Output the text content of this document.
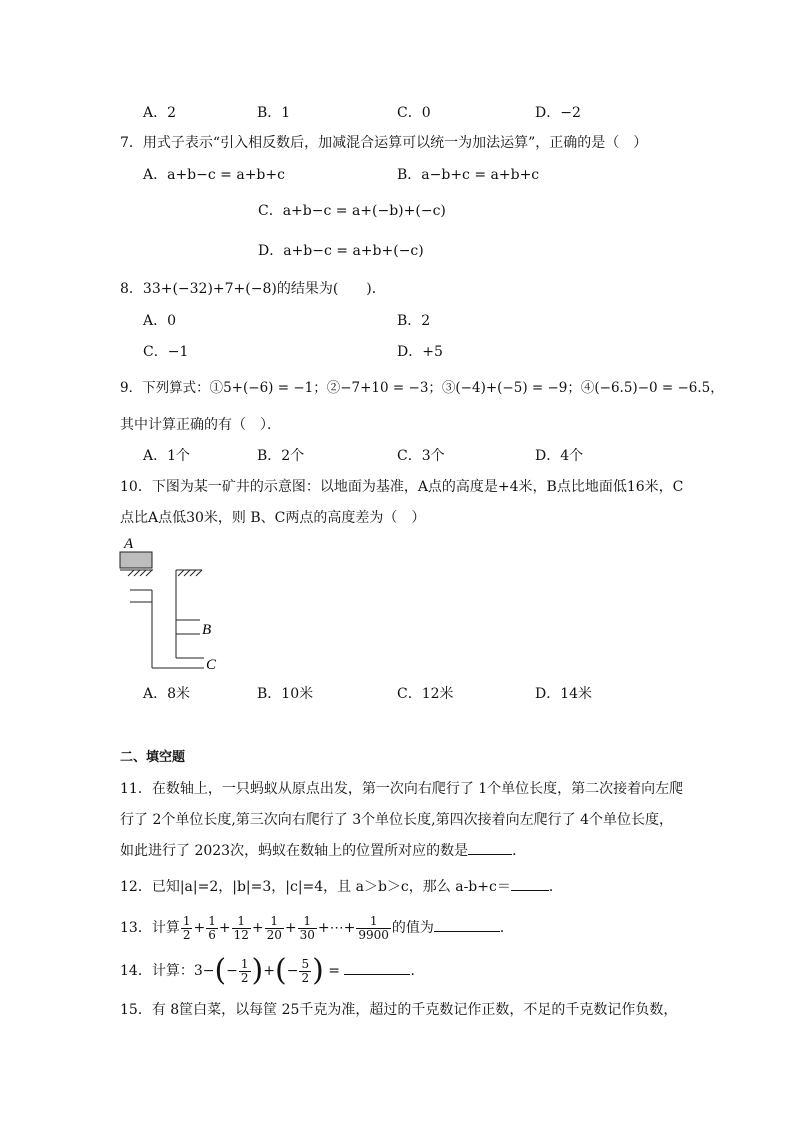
A．2	B．1	C．0	D．−2
7．用式子表示“引入相反数后，加减混合运算可以统一为加法运算”，正确的是（　）
A．a+b−c = a+b+c	B．a−b+c = a+b+c
C．a+b−c = a+(−b)+(−c)
D．a+b−c = a+b+(−c)
8．33+(−32)+7+(−8)的结果为(　　)．
A．0	B．2
C．−1	D．+5
9．下列算式：①5+(−6) = −1；②−7+10 = −3；③(−4)+(−5) = −9；④(−6.5)−0 = −6.5，
其中计算正确的有（　）．
A．1个	B．2个	C．3个	D．4个
10．下图为某一矿井的示意图：以地面为基准，A点的高度是+4米，B点比地面低16米，C
点比A点低30米，则 B、C两点的高度差为（　）
A
B
C
A．8米	B．10米	C．12米	D．14米
二、填空题
11．在数轴上，一只蚂蚁从原点出发，第一次向右爬行了 1个单位长度，第二次接着向左爬
行了 2个单位长度,第三次向右爬行了 3个单位长度,第四次接着向左爬行了 4个单位长度，
如此进行了 2023次，蚂蚁在数轴上的位置所对应的数是	．
12．已知|a|=2，|b|=3，|c|=4，且 a＞b＞c，那么 a-b+c＝	．
13．计算 $\frac{1}{2} + \frac{1}{6} + \frac{1}{12} + \frac{1}{20} + \frac{1}{30}$ +⋯+ $\frac{1}{9900}$ 的值为	．
14．计算：$3-(- \frac{1}{2}$ )+(− $\frac{5}{2}$ ) =	．
15．有 8筐白菜，以每筐 25千克为准，超过的千克数记作正数，不足的千克数记作负数，
